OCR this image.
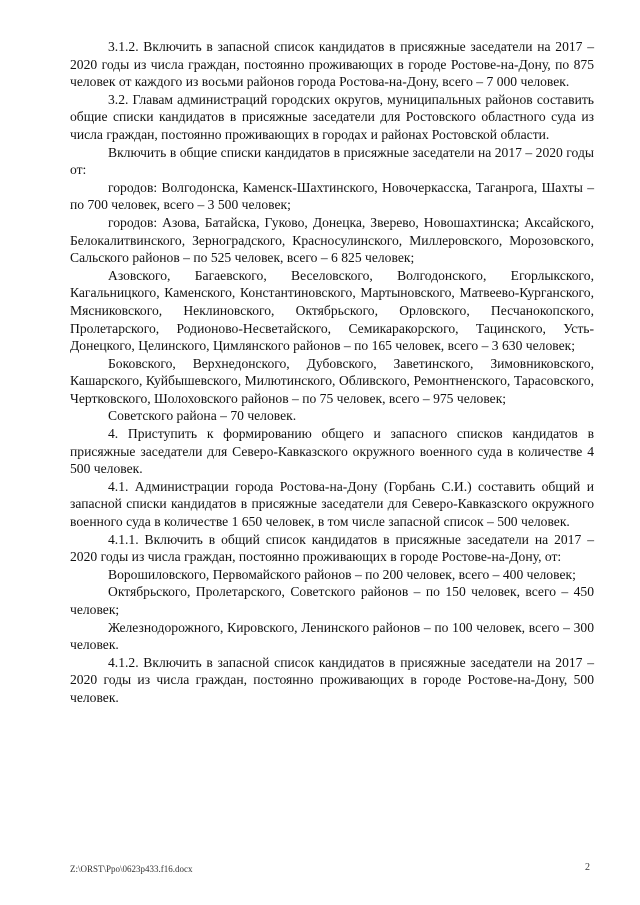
3.1.2. Включить в запасной список кандидатов в присяжные заседатели на 2017 – 2020 годы из числа граждан, постоянно проживающих в городе Ростове-на-Дону, по 875 человек от каждого из восьми районов города Ростова-на-Дону, всего – 7 000 человек.

3.2. Главам администраций городских округов, муниципальных районов составить общие списки кандидатов в присяжные заседатели для Ростовского областного суда из числа граждан, постоянно проживающих в городах и районах Ростовской области.

Включить в общие списки кандидатов в присяжные заседатели на 2017 – 2020 годы от:

городов: Волгодонска, Каменск-Шахтинского, Новочеркасска, Таганрога, Шахты – по 700 человек, всего – 3 500 человек;

городов: Азова, Батайска, Гуково, Донецка, Зверево, Новошахтинска; Аксайского, Белокалитвинского, Зерноградского, Красносулинского, Миллеровского, Морозовского, Сальского районов – по 525 человек, всего – 6 825 человек;

Азовского, Багаевского, Веселовского, Волгодонского, Егорлыкского, Кагальницкого, Каменского, Константиновского, Мартыновского, Матвеево-Курганского, Мясниковского, Неклиновского, Октябрьского, Орловского, Песчанокопского, Пролетарского, Родионово-Несветайского, Семикаракорского, Тацинского, Усть-Донецкого, Целинского, Цимлянского районов – по 165 человек, всего – 3 630 человек;

Боковского, Верхнедонского, Дубовского, Заветинского, Зимовниковского, Кашарского, Куйбышевского, Милютинского, Обливского, Ремонтненского, Тарасовского, Чертковского, Шолоховского районов – по 75 человек, всего – 975 человек;

Советского района – 70 человек.

4. Приступить к формированию общего и запасного списков кандидатов в присяжные заседатели для Северо-Кавказского окружного военного суда в количестве 4 500 человек.

4.1. Администрации города Ростова-на-Дону (Горбань С.И.) составить общий и запасной списки кандидатов в присяжные заседатели для Северо-Кавказского окружного военного суда в количестве 1 650 человек, в том числе запасной список – 500 человек.

4.1.1. Включить в общий список кандидатов в присяжные заседатели на 2017 – 2020 годы из числа граждан, постоянно проживающих в городе Ростове-на-Дону, от:

Ворошиловского, Первомайского районов – по 200 человек, всего – 400 человек;

Октябрьского, Пролетарского, Советского районов – по 150 человек, всего – 450 человек;

Железнодорожного, Кировского, Ленинского районов – по 100 человек, всего – 300 человек.

4.1.2. Включить в запасной список кандидатов в присяжные заседатели на 2017 – 2020 годы из числа граждан, постоянно проживающих в городе Ростове-на-Дону, 500 человек.

Z:\ORST\Ppo\0623p433.f16.docx	2
